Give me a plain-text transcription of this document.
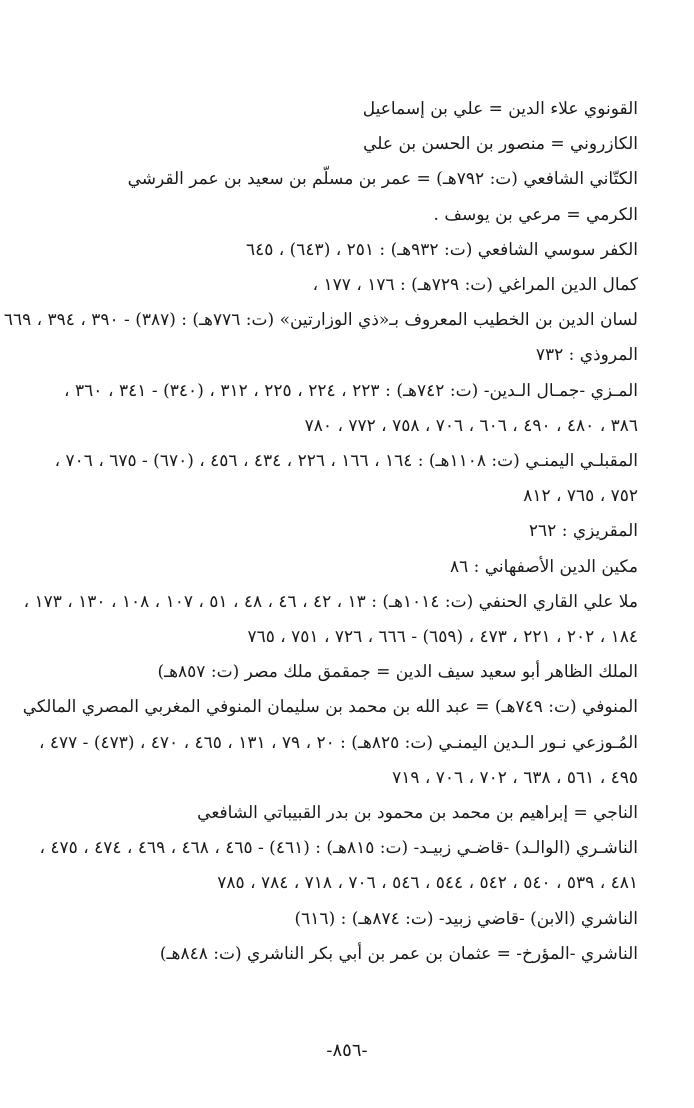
القونوي علاء الدين = علي بن إسماعيل
الكازروني = منصور بن الحسن بن علي
الكتّاني الشافعي (ت: ٧٩٢هـ) = عمر بن مسلّم بن سعيد بن عمر القرشي
الكرمي = مرعي بن يوسف .
الكفر سوسي الشافعي (ت: ٩٣٢هـ) : ٢٥١ ، (٦٤٣) ، ٦٤٥
كمال الدين المراغي (ت: ٧٢٩هـ) : ١٧٦ ، ١٧٧ ،
لسان الدين بن الخطيب المعروف بـ«ذي الوزارتين» (ت: ٧٧٦هـ) : (٣٨٧) - ٣٩٠ ، ٣٩٤ ، ٦٦٩
المروذي : ٧٣٢
المـزي -جمـال الـدين- (ت: ٧٤٢هـ) : ٢٢٣ ، ٢٢٤ ، ٢٢٥ ، ٣١٢ ، (٣٤٠) - ٣٤١ ، ٣٦٠ ،
٣٨٦ ، ٤٨٠ ، ٤٩٠ ، ٦٠٦ ، ٧٠٦ ، ٧٥٨ ، ٧٧٢ ، ٧٨٠
المقبلـي اليمنـي (ت: ١١٠٨هـ) : ١٦٤ ، ١٦٦ ، ٢٢٦ ، ٤٣٤ ، ٤٥٦ ، (٦٧٠) - ٦٧٥ ، ٧٠٦ ،
٧٥٢ ، ٧٦٥ ، ٨١٢
المقريزي : ٢٦٢
مكين الدين الأصفهاني : ٨٦
ملا علي القاري الحنفي (ت: ١٠١٤هـ) : ١٣ ، ٤٢ ، ٤٦ ، ٤٨ ، ٥١ ، ١٠٧ ، ١٠٨ ، ١٣٠ ، ١٧٣ ،
١٨٤ ، ٢٠٢ ، ٢٢١ ، ٤٧٣ ، (٦٥٩) - ٦٦٦ ، ٧٢٦ ، ٧٥١ ، ٧٦٥
الملك الظاهر أبو سعيد سيف الدين = جمقمق ملك مصر (ت: ٨٥٧هـ)
المنوفي (ت: ٧٤٩هـ) = عبد الله بن محمد بن سليمان المنوفي المغربي المصري المالكي
المُـوزعي نـور الـدين اليمنـي (ت: ٨٢٥هـ) : ٢٠ ، ٧٩ ، ١٣١ ، ٤٦٥ ، ٤٧٠ ، (٤٧٣) - ٤٧٧ ،
٤٩٥ ، ٥٦١ ، ٦٣٨ ، ٧٠٢ ، ٧٠٦ ، ٧١٩
الناجي = إبراهيم بن محمد بن محمود بن بدر القبيباتي الشافعي
الناشـري (الوالـد) -قاضـي زبيـد- (ت: ٨١٥هـ) : (٤٦١) - ٤٦٥ ، ٤٦٨ ، ٤٦٩ ، ٤٧٤ ، ٤٧٥ ،
٤٨١ ، ٥٣٩ ، ٥٤٠ ، ٥٤٢ ، ٥٤٤ ، ٥٤٦ ، ٧٠٦ ، ٧١٨ ، ٧٨٤ ، ٧٨٥
الناشري (الابن) -قاضي زبيد- (ت: ٨٧٤هـ) : (٦١٦)
الناشري -المؤرخ- = عثمان بن عمر بن أبي بكر الناشري (ت: ٨٤٨هـ)
-٨٥٦-
